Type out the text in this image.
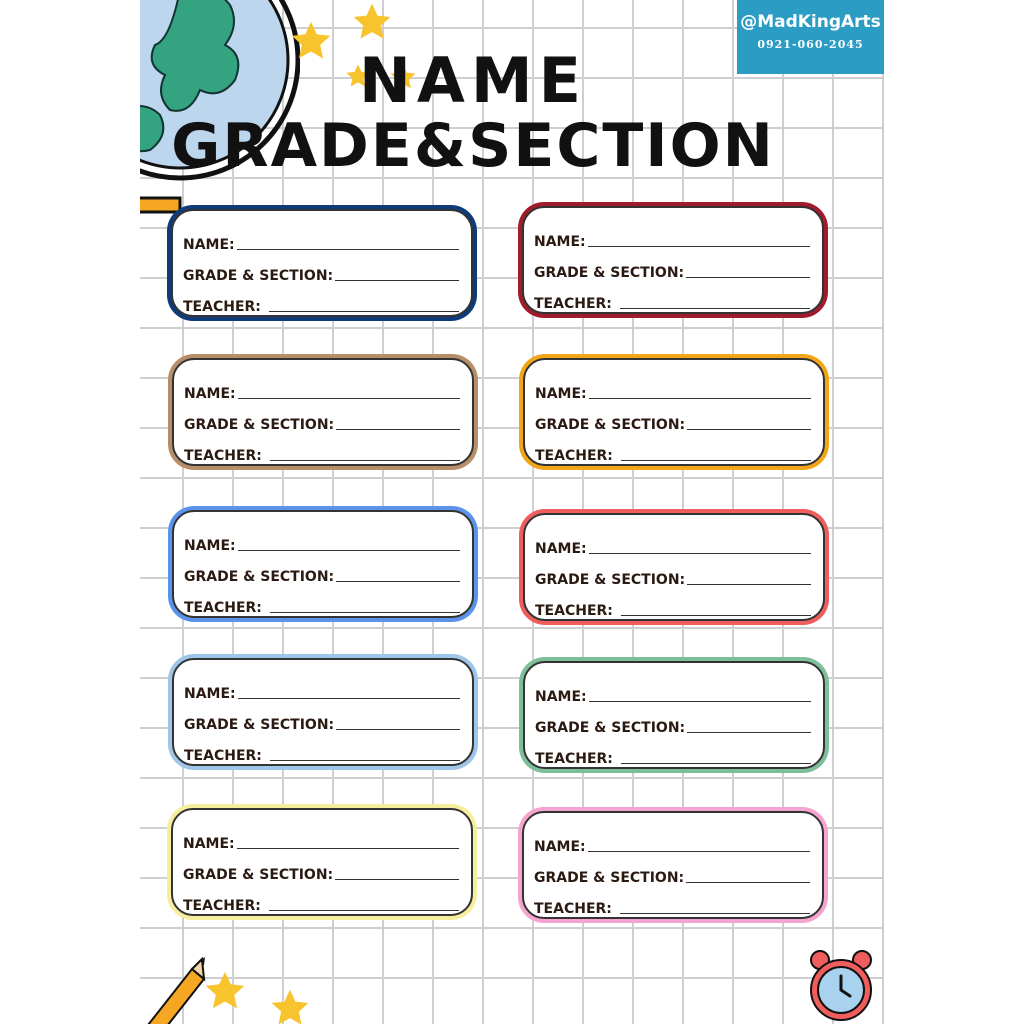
@MadKingArts
0921-060-2045
NAME
GRADE&SECTION
NAME:
GRADE & SECTION:
TEACHER:
NAME:
GRADE & SECTION:
TEACHER:
NAME:
GRADE & SECTION:
TEACHER:
NAME:
GRADE & SECTION:
TEACHER:
NAME:
GRADE & SECTION:
TEACHER:
NAME:
GRADE & SECTION:
TEACHER:
NAME:
GRADE & SECTION:
TEACHER:
NAME:
GRADE & SECTION:
TEACHER:
NAME:
GRADE & SECTION:
TEACHER:
NAME:
GRADE & SECTION:
TEACHER:
